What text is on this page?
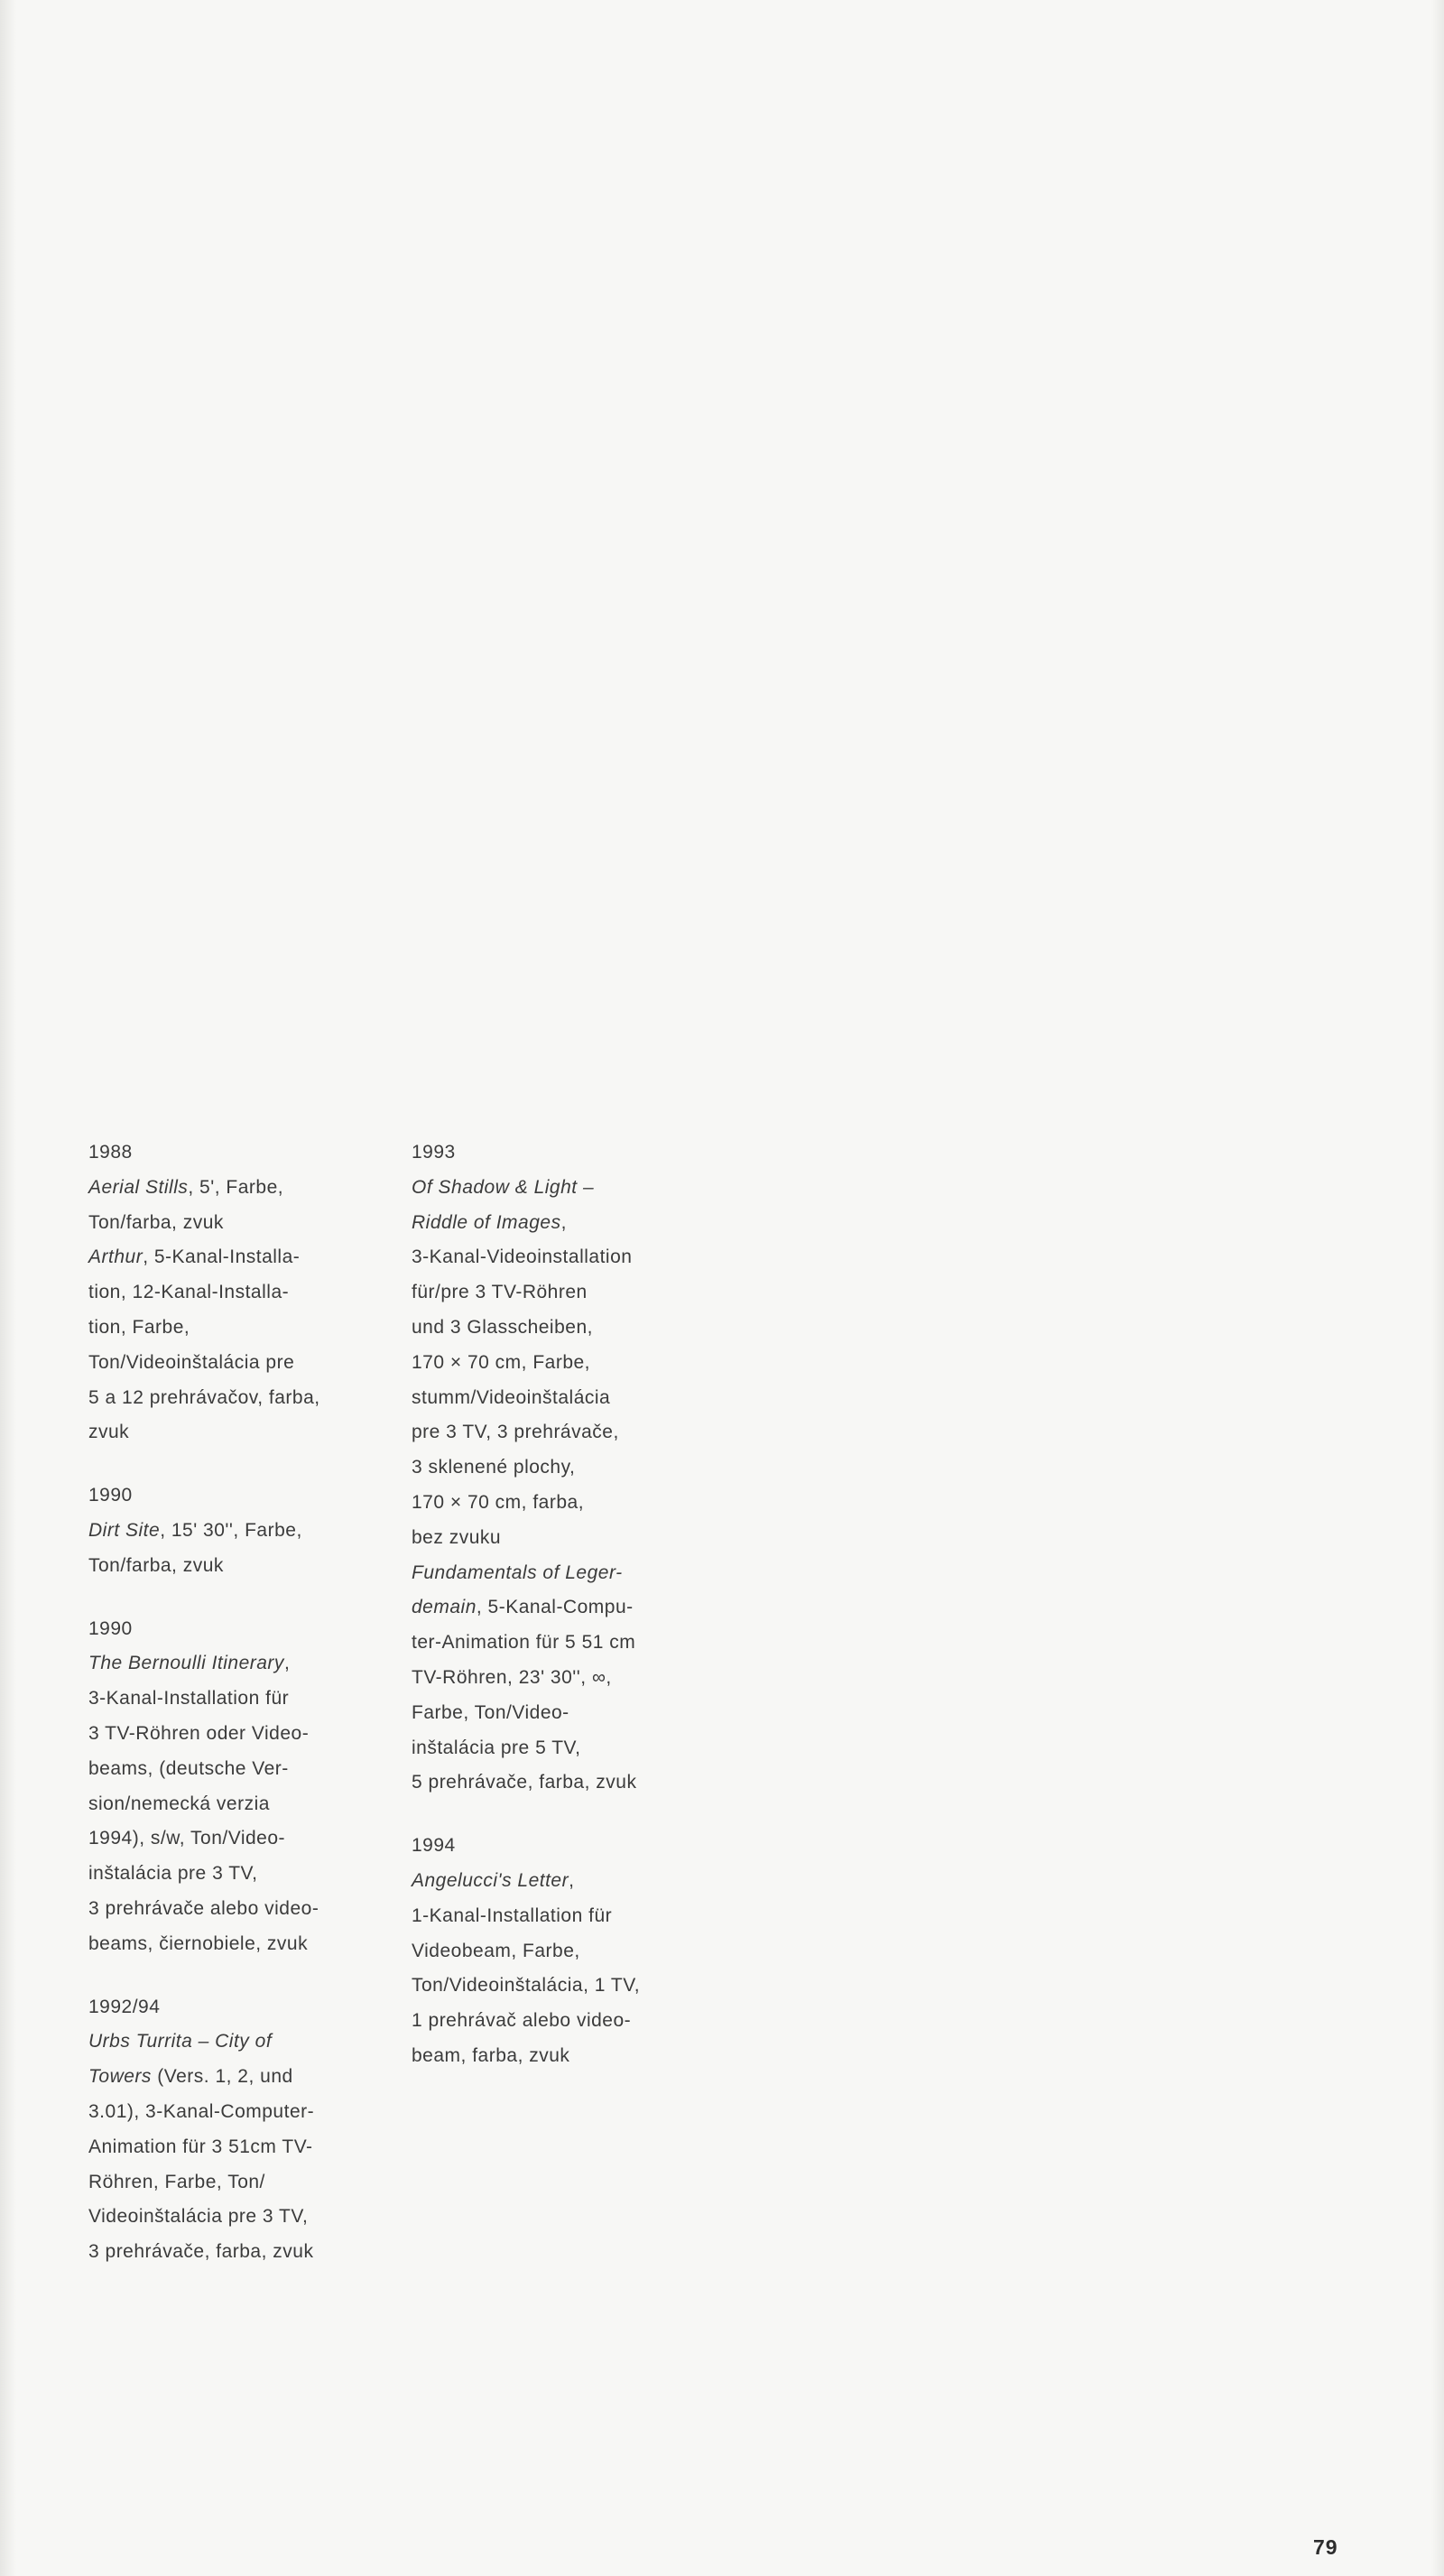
1988
Aerial Stills, 5', Farbe,
Ton/farba, zvuk
Arthur, 5-Kanal-Installa-
tion, 12-Kanal-Installa-
tion, Farbe,
Ton/Videoinštalácia pre
5 a 12 prehrávačov, farba,
zvuk
1990
Dirt Site, 15' 30'', Farbe,
Ton/farba, zvuk
1990
The Bernoulli Itinerary,
3-Kanal-Installation für
3 TV-Röhren oder Video-
beams, (deutsche Ver-
sion/nemecká verzia
1994), s/w, Ton/Video-
inštalácia pre 3 TV,
3 prehrávače alebo video-
beams, čiernobiele, zvuk
1992/94
Urbs Turrita – City of
Towers (Vers. 1, 2, und
3.01), 3-Kanal-Computer-
Animation für 3 51cm TV-
Röhren, Farbe, Ton/
Videoinštalácia pre 3 TV,
3 prehrávače, farba, zvuk
1993
Of Shadow & Light –
Riddle of Images,
3-Kanal-Videoinstallation
für/pre 3 TV-Röhren
und 3 Glasscheiben,
170 × 70 cm, Farbe,
stumm/Videoinštalácia
pre 3 TV, 3 prehrávače,
3 sklenené plochy,
170 × 70 cm, farba,
bez zvuku
Fundamentals of Leger-
demain, 5-Kanal-Compu-
ter-Animation für 5 51 cm
TV-Röhren, 23' 30'', ∞,
Farbe, Ton/Video-
inštalácia pre 5 TV,
5 prehrávače, farba, zvuk
1994
Angelucci's Letter,
1-Kanal-Installation für
Videobeam, Farbe,
Ton/Videoinštalácia, 1 TV,
1 prehrávač alebo video-
beam, farba, zvuk
79
